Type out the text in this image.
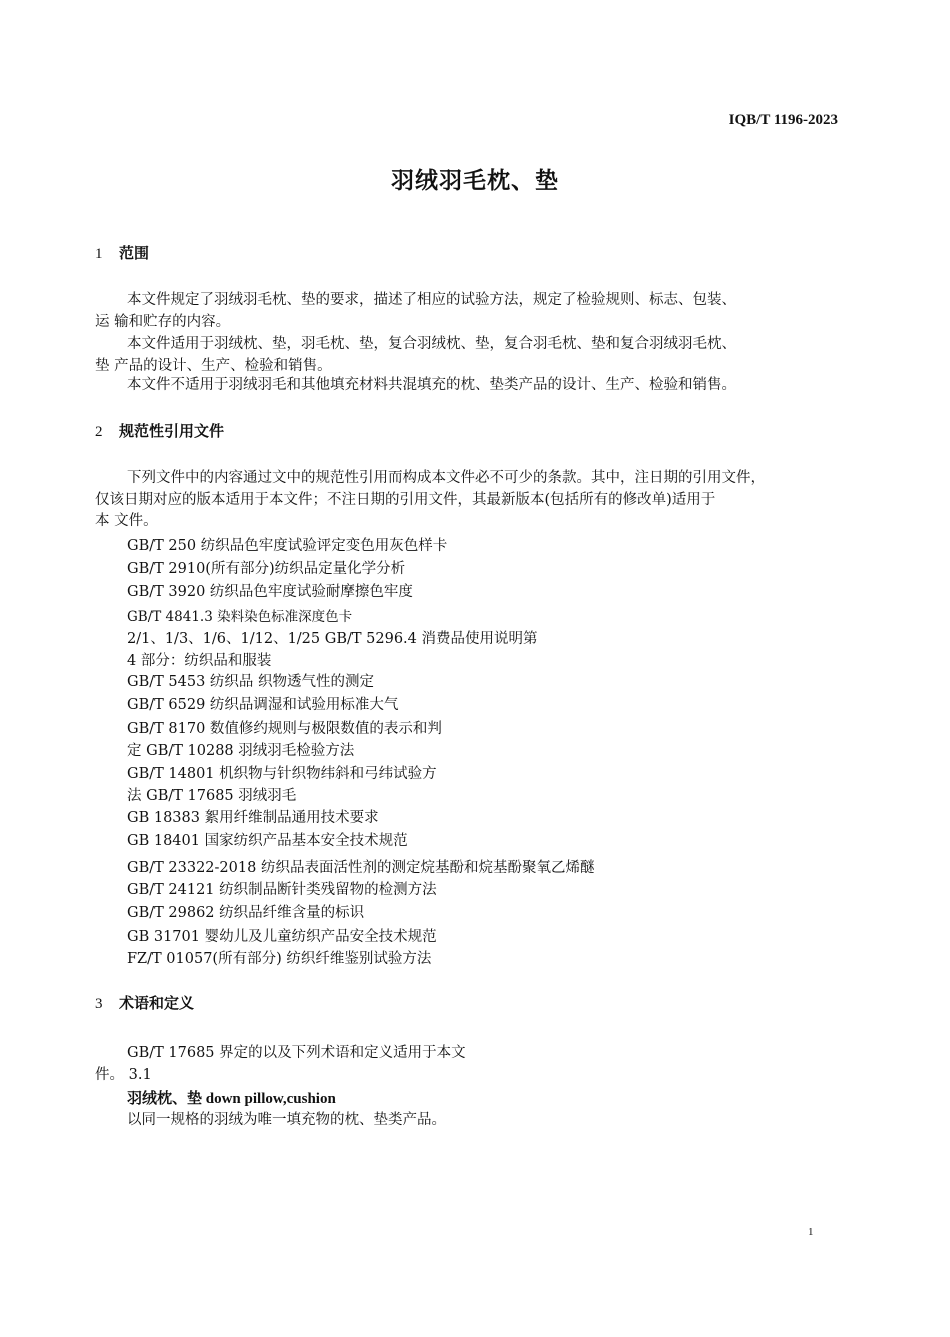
IQB/T 1196-2023
羽绒羽毛枕、垫
1 范围
本文件规定了羽绒羽毛枕、垫的要求，描述了相应的试验方法，规定了检验规则、标志、包装、
运 输和贮存的内容。
本文件适用于羽绒枕、垫，羽毛枕、垫，复合羽绒枕、垫，复合羽毛枕、垫和复合羽绒羽毛枕、
垫 产品的设计、生产、检验和销售。
本文件不适用于羽绒羽毛和其他填充材料共混填充的枕、垫类产品的设计、生产、检验和销售。
2 规范性引用文件
下列文件中的内容通过文中的规范性引用而构成本文件必不可少的条款。其中，注日期的引用文件，
仅该日期对应的版本适用于本文件；不注日期的引用文件，其最新版本(包括所有的修改单)适用于
本 文件。
GB/T 250 纺织品色牢度试验评定变色用灰色样卡
GB/T 2910(所有部分)纺织品定量化学分析
GB/T 3920 纺织品色牢度试验耐摩擦色牢度
GB/T 4841.3 染料染色标准深度色卡
2/1、1/3、1/6、1/12、1/25 GB/T 5296.4 消费品使用说明第
4 部分：纺织品和服装
GB/T 5453 纺织品 织物透气性的测定
GB/T 6529 纺织品调湿和试验用标准大气
GB/T 8170 数值修约规则与极限数值的表示和判
定 GB/T 10288 羽绒羽毛检验方法
GB/T 14801 机织物与针织物纬斜和弓纬试验方
法 GB/T 17685 羽绒羽毛
GB 18383 絮用纤维制品通用技术要求
GB 18401 国家纺织产品基本安全技术规范
GB/T 23322-2018 纺织品表面活性剂的测定烷基酚和烷基酚聚氧乙烯醚
GB/T 24121 纺织制品断针类残留物的检测方法
GB/T 29862 纺织品纤维含量的标识
GB 31701 婴幼儿及儿童纺织产品安全技术规范
FZ/T 01057(所有部分) 纺织纤维鉴别试验方法
3 术语和定义
GB/T 17685 界定的以及下列术语和定义适用于本文
件。 3.1
羽绒枕、垫 down pillow,cushion
以同一规格的羽绒为唯一填充物的枕、垫类产品。
1
